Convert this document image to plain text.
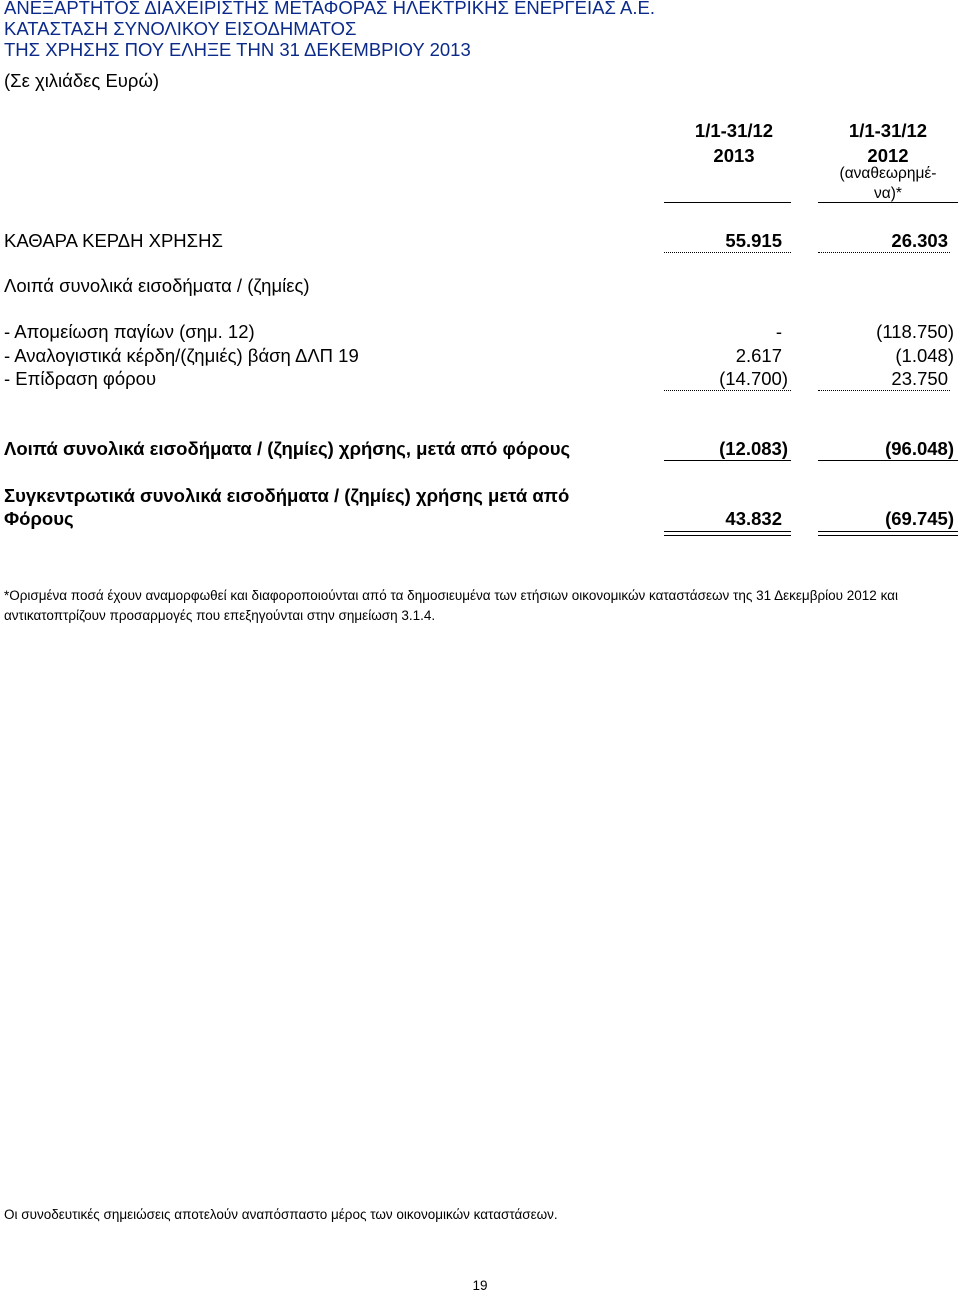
ΑΝΕΞΑΡΤΗΤΟΣ ΔΙΑΧΕΙΡΙΣΤΗΣ ΜΕΤΑΦΟΡΑΣ ΗΛΕΚΤΡΙΚΗΣ ΕΝΕΡΓΕΙΑΣ Α.Ε.
ΚΑΤΑΣΤΑΣΗ ΣΥΝΟΛΙΚΟΥ ΕΙΣΟΔΗΜΑΤΟΣ
ΤΗΣ ΧΡΗΣΗΣ ΠΟΥ ΕΛΗΞΕ ΤΗΝ 31 ΔΕΚΕΜΒΡΙΟΥ 2013
(Σε χιλιάδες Ευρώ)
1/1-31/12
2013
1/1-31/12
2012
(αναθεωρημέ-
να)*
ΚΑΘΑΡΑ ΚΕΡΔΗ ΧΡΗΣΗΣ	55.915	26.303
Λοιπά συνολικά εισοδήματα / (ζημίες)
- Απομείωση παγίων (σημ. 12)	-	(118.750)
- Αναλογιστικά κέρδη/(ζημιές) βάση ΔΛΠ 19	2.617	(1.048)
- Επίδραση φόρου	(14.700)	23.750
Λοιπά συνολικά εισοδήματα / (ζημίες) χρήσης, μετά από φόρους	(12.083)	(96.048)
Συγκεντρωτικά συνολικά εισοδήματα / (ζημίες) χρήσης μετά από
Φόρους	43.832	(69.745)
*Ορισμένα ποσά έχουν αναμορφωθεί και διαφοροποιούνται από τα δημοσιευμένα των ετήσιων οικονομικών καταστάσεων της 31 Δεκεμβρίου 2012 και αντικατοπτρίζουν προσαρμογές που επεξηγούνται στην σημείωση 3.1.4.
Οι συνοδευτικές σημειώσεις αποτελούν αναπόσπαστο μέρος των οικονομικών καταστάσεων.
19
